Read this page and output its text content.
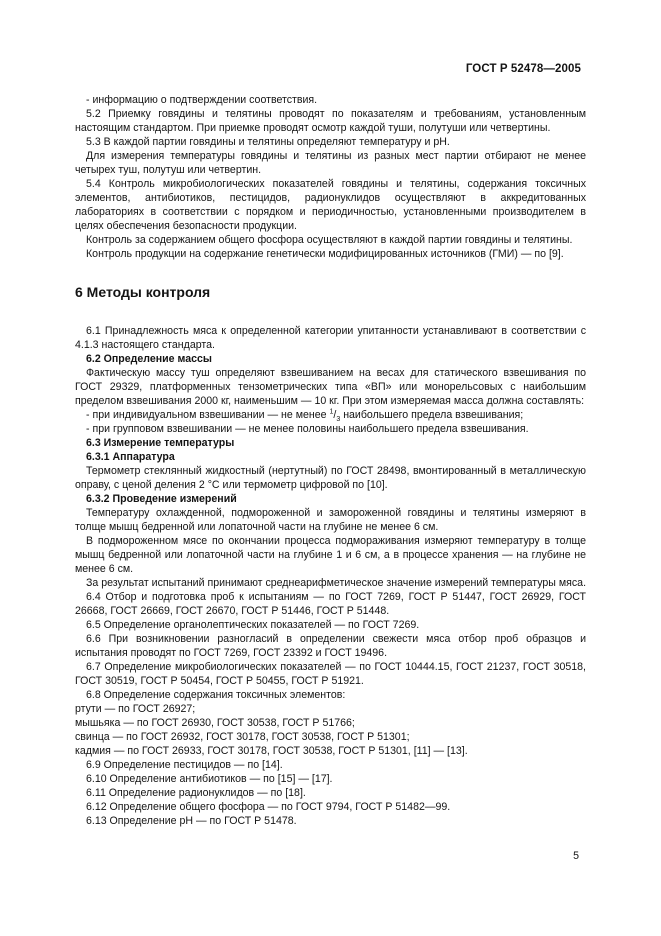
ГОСТ Р 52478—2005

- информацию о подтверждении соответствия.

5.2 Приемку говядины и телятины проводят по показателям и требованиям, установленным настоящим стандартом. При приемке проводят осмотр каждой туши, полутуши или четвертины.

5.3 В каждой партии говядины и телятины определяют температуру и рН.

Для измерения температуры говядины и телятины из разных мест партии отбирают не менее четырех туш, полутуш или четвертин.

5.4 Контроль микробиологических показателей говядины и телятины, содержания токсичных элементов, антибиотиков, пестицидов, радионуклидов осуществляют в аккредитованных лабораториях в соответствии с порядком и периодичностью, установленными производителем в целях обеспечения безопасности продукции.

Контроль за содержанием общего фосфора осуществляют в каждой партии говядины и телятины.

Контроль продукции на содержание генетически модифицированных источников (ГМИ) — по [9].

6 Методы контроля

6.1 Принадлежность мяса к определенной категории упитанности устанавливают в соответствии с 4.1.3 настоящего стандарта.

6.2 Определение массы

Фактическую массу туш определяют взвешиванием на весах для статического взвешивания по ГОСТ 29329, платформенных тензометрических типа «ВП» или монорельсовых с наибольшим пределом взвешивания 2000 кг, наименьшим — 10 кг. При этом измеряемая масса должна составлять:

- при индивидуальном взвешивании — не менее $^1/_3$ наибольшего предела взвешивания;

- при групповом взвешивании — не менее половины наибольшего предела взвешивания.

6.3 Измерение температуры

6.3.1 Аппаратура

Термометр стеклянный жидкостный (нертутный) по ГОСТ 28498, вмонтированный в металлическую оправу, с ценой деления 2 °С или термометр цифровой по [10].

6.3.2 Проведение измерений

Температуру охлажденной, подмороженной и замороженной говядины и телятины измеряют в толще мышц бедренной или лопаточной части на глубине не менее 6 см.

В подмороженном мясе по окончании процесса подмораживания измеряют температуру в толще мышц бедренной или лопаточной части на глубине 1 и 6 см, а в процессе хранения — на глубине не менее 6 см.

За результат испытаний принимают среднеарифметическое значение измерений температуры мяса.

6.4 Отбор и подготовка проб к испытаниям — по ГОСТ 7269, ГОСТ Р 51447, ГОСТ 26929, ГОСТ 26668, ГОСТ 26669, ГОСТ 26670, ГОСТ Р 51446, ГОСТ Р 51448.

6.5 Определение органолептических показателей — по ГОСТ 7269.

6.6 При возникновении разногласий в определении свежести мяса отбор проб образцов и испытания проводят по ГОСТ 7269, ГОСТ 23392 и ГОСТ 19496.

6.7 Определение микробиологических показателей — по ГОСТ 10444.15, ГОСТ 21237, ГОСТ 30518, ГОСТ 30519, ГОСТ Р 50454, ГОСТ Р 50455, ГОСТ Р 51921.

6.8 Определение содержания токсичных элементов:

ртути — по ГОСТ 26927;

мышьяка — по ГОСТ 26930, ГОСТ 30538, ГОСТ Р 51766;

свинца — по ГОСТ 26932, ГОСТ 30178, ГОСТ 30538, ГОСТ Р 51301;

кадмия — по ГОСТ 26933, ГОСТ 30178, ГОСТ 30538, ГОСТ Р 51301, [11] — [13].

6.9 Определение пестицидов — по [14].

6.10 Определение антибиотиков — по [15] — [17].

6.11 Определение радионуклидов — по [18].

6.12 Определение общего фосфора — по ГОСТ 9794, ГОСТ Р 51482—99.

6.13 Определение рН — по ГОСТ Р 51478.

5
